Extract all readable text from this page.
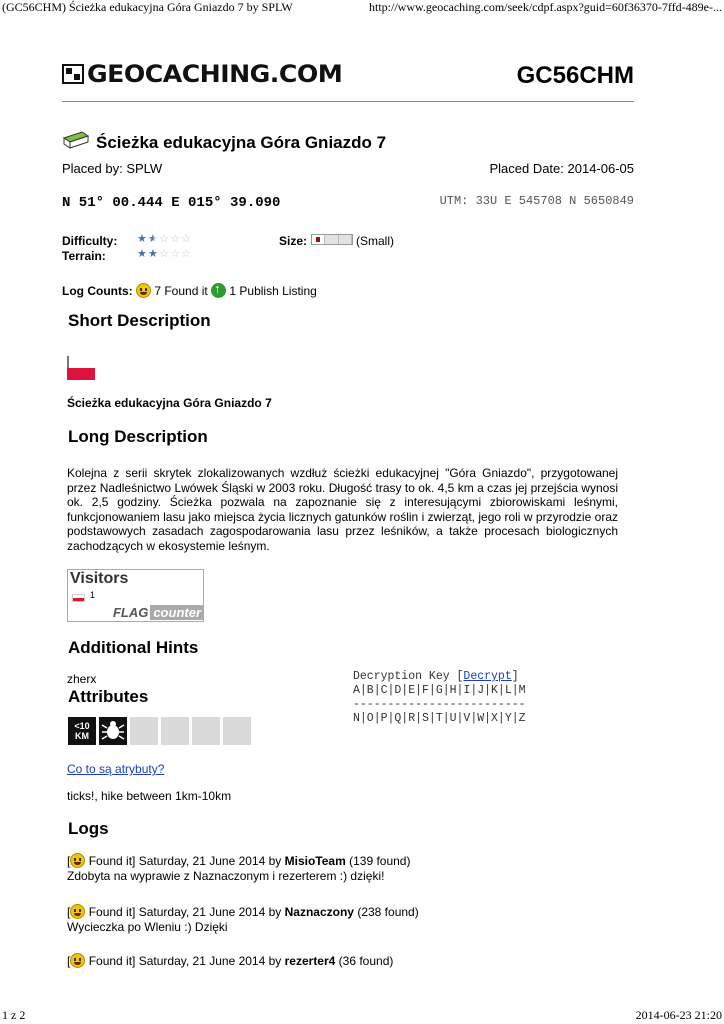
(GC56CHM) Ścieżka edukacyjna Góra Gniazdo 7 by SPLW	http://www.geocaching.com/seek/cdpf.aspx?guid=60f36370-7ffd-489e-...
GEOCACHING.COM	GC56CHM
Ścieżka edukacyjna Góra Gniazdo 7
Placed by: SPLW	Placed Date: 2014-06-05
N 51° 00.444 E 015° 39.090	UTM: 33U E 545708 N 5650849
Difficulty: ★ ★ ☆ ☆ ☆
Terrain:	★ ★ ☆ ☆ ☆
Size:	(Small)
Log Counts: 7 Found it ↑ 1 Publish Listing
Short Description
Ścieżka edukacyjna Góra Gniazdo 7
Long Description
Kolejna z serii skrytek zlokalizowanych wzdłuż ścieżki edukacyjnej "Góra Gniazdo", przygotowanej przez Nadleśnictwo Lwówek Śląski w 2003 roku. Długość trasy to ok. 4,5 km a czas jej przejścia wynosi ok. 2,5 godziny. Ścieżka pozwala na zapoznanie się z interesującymi zbiorowiskami leśnymi, funkcjonowaniem lasu jako miejsca życia licznych gatunków roślin i zwierząt, jego roli w przyrodzie oraz podstawowych zasadach zagospodarowania lasu przez leśników, a także procesach biologicznych zachodzących w ekosystemie leśnym.
Visitors
1
FLAG counter
Additional Hints
zherx	Decryption Key [Decrypt]
A|B|C|D|E|F|G|H|I|J|K|L|M
-------------------------
N|O|P|Q|R|S|T|U|V|W|X|Y|Z
Attributes
<10
KM
Co to są atrybuty?
ticks!, hike between 1km-10km
Logs
[ Found it] Saturday, 21 June 2014 by MisioTeam (139 found)
Zdobyta na wyprawie z Naznaczonym i rezerterem :) dzięki!
[ Found it] Saturday, 21 June 2014 by Naznaczony (238 found)
Wycieczka po Wleniu :) Dzięki
[ Found it] Saturday, 21 June 2014 by rezerter4 (36 found)
1 z 2	2014-06-23 21:20
